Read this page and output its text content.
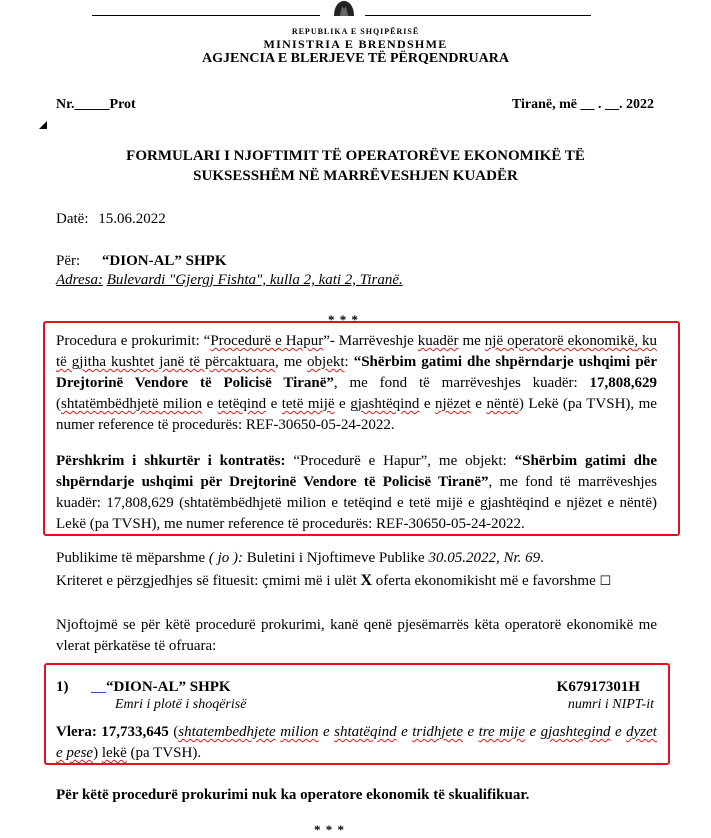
REPUBLIKA E SHQIPËRISË
MINISTRIA E BRENDSHME
AGJENCIA E BLERJEVE TË PËRQENDRUARA
Nr._____Prot	Tiranë, më __ . __. 2022
FORMULARI I NJOFTIMIT TË OPERATORËVE EKONOMIKË TË
SUKSESSHËM NË MARRËVESHJEN KUADËR
Datë: 15.06.2022
Për: “DION-AL” SHPK
Adresa: Bulevardi "Gjergj Fishta", kulla 2, kati 2, Tiranë.
* * *
Procedura e prokurimit: “Procedurë e Hapur”- Marrëveshje kuadër me një operatorë ekonomikë, ku të gjitha kushtet janë të përcaktuara, me objekt: “Shërbim gatimi dhe shpërndarje ushqimi për Drejtorinë Vendore të Policisë Tiranë”, me fond të marrëveshjes kuadër: 17,808,629 (shtatëmbëdhjetë milion e tetëqind e tetë mijë e gjashtëqind e njëzet e nëntë) Lekë (pa TVSH), me numer reference të procedurës: REF-30650-05-24-2022.
Përshkrim i shkurtër i kontratës: “Procedurë e Hapur”, me objekt: “Shërbim gatimi dhe shpërndarje ushqimi për Drejtorinë Vendore të Policisë Tiranë”, me fond të marrëveshjes kuadër: 17,808,629 (shtatëmbëdhjetë milion e tetëqind e tetë mijë e gjashtëqind e njëzet e nëntë) Lekë (pa TVSH), me numer reference të procedurës: REF-30650-05-24-2022.
Publikime të mëparshme ( jo ): Buletini i Njoftimeve Publike 30.05.2022, Nr. 69.
Kriteret e përzgjedhjes së fituesit: çmimi më i ulët X oferta ekonomikisht më e favorshme ☐
Njoftojmë se për këtë procedurë prokurimi, kanë qenë pjesëmarrës këta operatorë ekonomikë me vlerat përkatëse të ofruara:
1) __“DION-AL” SHPK	K67917301H
Emri i plotë i shoqërisë	numri i NIPT-it
Vlera: 17,733,645 (shtatembedhjete milion e shtatëqind e tridhjete e tre mije e gjashtegind e dyzet e pese) lekë (pa TVSH).
Për këtë procedurë prokurimi nuk ka operatore ekonomik të skualifikuar.
* * *
